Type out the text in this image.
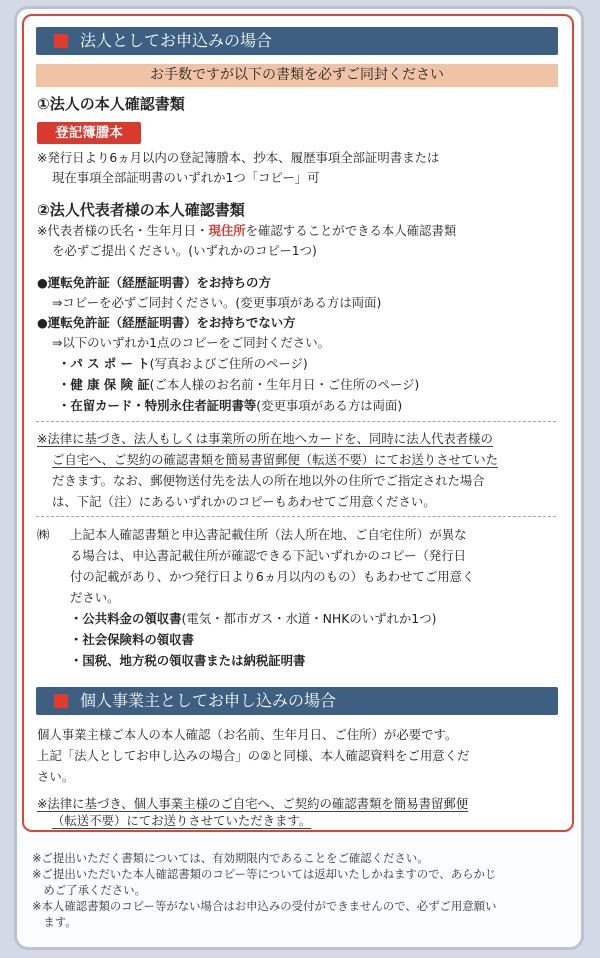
法人としてお申込みの場合
お手数ですが以下の書類を必ずご同封ください
①法人の本人確認書類
登記簿謄本
※発行日より6ヵ月以内の登記簿謄本、抄本、履歴事項全部証明書または
現在事項全部証明書のいずれか1つ「コピー」可
②法人代表者様の本人確認書類
※代表者様の氏名・生年月日・現住所を確認することができる本人確認書類
を必ずご提出ください。(いずれかのコピー1つ)
●運転免許証（経歴証明書）をお持ちの方
⇒コピーを必ずご同封ください。(変更事項がある方は両面)
●運転免許証（経歴証明書）をお持ちでない方
⇒以下のいずれか1点のコピーをご同封ください。
・パ ス ポ ー ト(写真およびご住所のページ)
・健 康 保 険 証(ご本人様のお名前・生年月日・ご住所のページ)
・在留カード・特別永住者証明書等(変更事項がある方は両面)
※法律に基づき、法人もしくは事業所の所在地へカードを、同時に法人代表者様の
ご自宅へ、ご契約の確認書類を簡易書留郵便（転送不要）にてお送りさせていた
だきます。なお、郵便物送付先を法人の所在地以外の住所でご指定された場合
は、下記（注）にあるいずれかのコピーもあわせてご用意ください。
㈱ 上記本人確認書類と申込書記載住所（法人所在地、ご自宅住所）が異な
る場合は、申込書記載住所が確認できる下記いずれかのコピー（発行日
付の記載があり、かつ発行日より6ヵ月以内のもの）もあわせてご用意く
ださい。
・公共料金の領収書(電気・都市ガス・水道・NHKのいずれか1つ)
・社会保険料の領収書
・国税、地方税の領収書または納税証明書
個人事業主としてお申し込みの場合
個人事業主様ご本人の本人確認（お名前、生年月日、ご住所）が必要です。
上記「法人としてお申し込みの場合」の②と同様、本人確認資料をご用意くだ
さい。
※法律に基づき、個人事業主様のご自宅へ、ご契約の確認書類を簡易書留郵便
（転送不要）にてお送りさせていただきます。
※ご提出いただく書類については、有効期限内であることをご確認ください。
※ご提出いただいた本人確認書類のコピー等については返却いたしかねますので、あらかじ
　めご了承ください。
※本人確認書類のコピー等がない場合はお申込みの受付ができませんので、必ずご用意願い
　ます。
